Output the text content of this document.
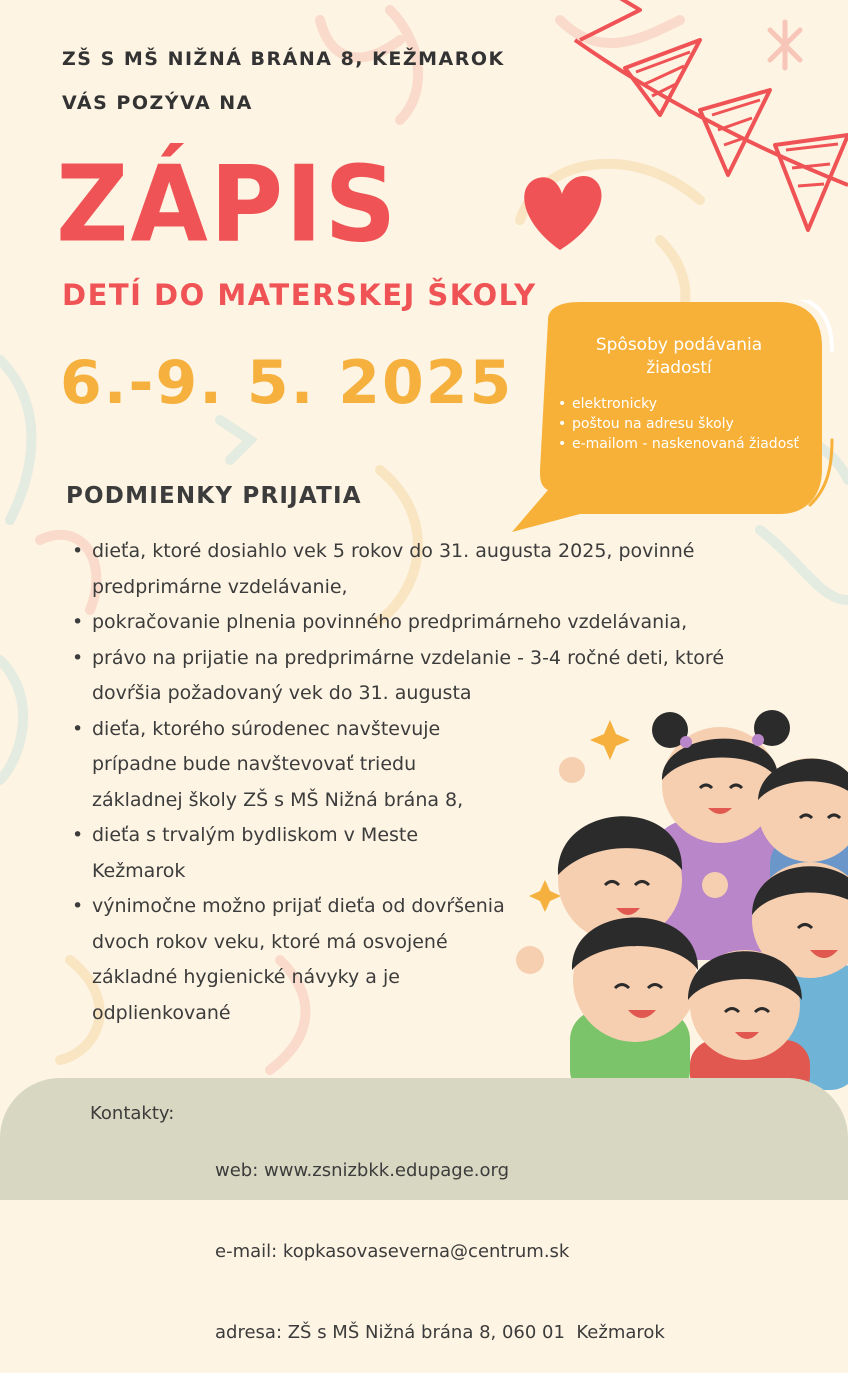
ZŠ S MŠ NIŽNÁ BRÁNA 8, KEŽMAROK
VÁS POZÝVA NA
ZÁPIS
DETÍ DO MATERSKEJ ŠKOLY
6.-9. 5. 2025
Spôsoby podávania
žiadostí
• elektronicky
• poštou na adresu školy
• e-mailom - naskenovaná žiadosť
PODMIENKY PRIJATIA
• dieťa, ktoré dosiahlo vek 5 rokov do 31. augusta 2025, povinné predprimárne vzdelávanie,
• pokračovanie plnenia povinného predprimárneho vzdelávania,
• právo na prijatie na predprimárne vzdelanie - 3-4 ročné deti, ktoré dovŕšia požadovaný vek do 31. augusta
• dieťa, ktorého súrodenec navštevuje prípadne bude navštevovať triedu základnej školy ZŠ s MŠ Nižná brána 8,
• dieťa s trvalým bydliskom v Meste Kežmarok
• výnimočne možno prijať dieťa od dovŕšenia dvoch rokov veku, ktoré má osvojené základné hygienické návyky a je odplienkované
Kontakty:

web: www.zsnizbkk.edupage.org

e-mail: kopkasovaseverna@centrum.sk

adresa: ZŠ s MŠ Nižná brána 8, 060 01  Kežmarok
